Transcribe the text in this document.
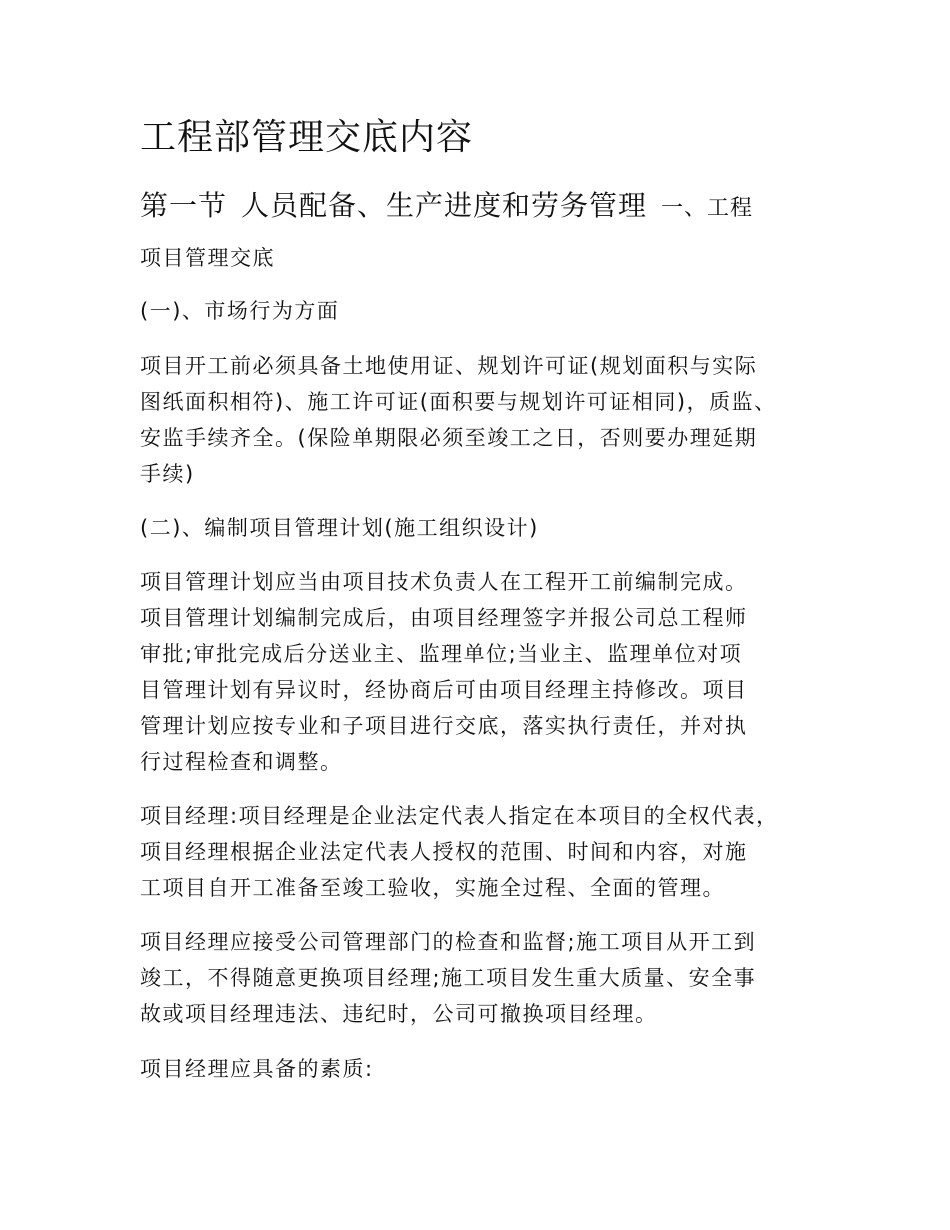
工程部管理交底内容

第一节 人员配备、生产进度和劳务管理 一、工程

项目管理交底

(一)、市场行为方面

项目开工前必须具备土地使用证、规划许可证(规划面积与实际
图纸面积相符)、施工许可证(面积要与规划许可证相同)，质监、
安监手续齐全。(保险单期限必须至竣工之日，否则要办理延期
手续)

(二)、编制项目管理计划(施工组织设计)

项目管理计划应当由项目技术负责人在工程开工前编制完成。
项目管理计划编制完成后，由项目经理签字并报公司总工程师
审批;审批完成后分送业主、监理单位;当业主、监理单位对项
目管理计划有异议时，经协商后可由项目经理主持修改。项目
管理计划应按专业和子项目进行交底，落实执行责任，并对执
行过程检查和调整。

项目经理:项目经理是企业法定代表人指定在本项目的全权代表，
项目经理根据企业法定代表人授权的范围、时间和内容，对施
工项目自开工准备至竣工验收，实施全过程、全面的管理。

项目经理应接受公司管理部门的检查和监督;施工项目从开工到
竣工，不得随意更换项目经理;施工项目发生重大质量、安全事
故或项目经理违法、违纪时，公司可撤换项目经理。

项目经理应具备的素质:
